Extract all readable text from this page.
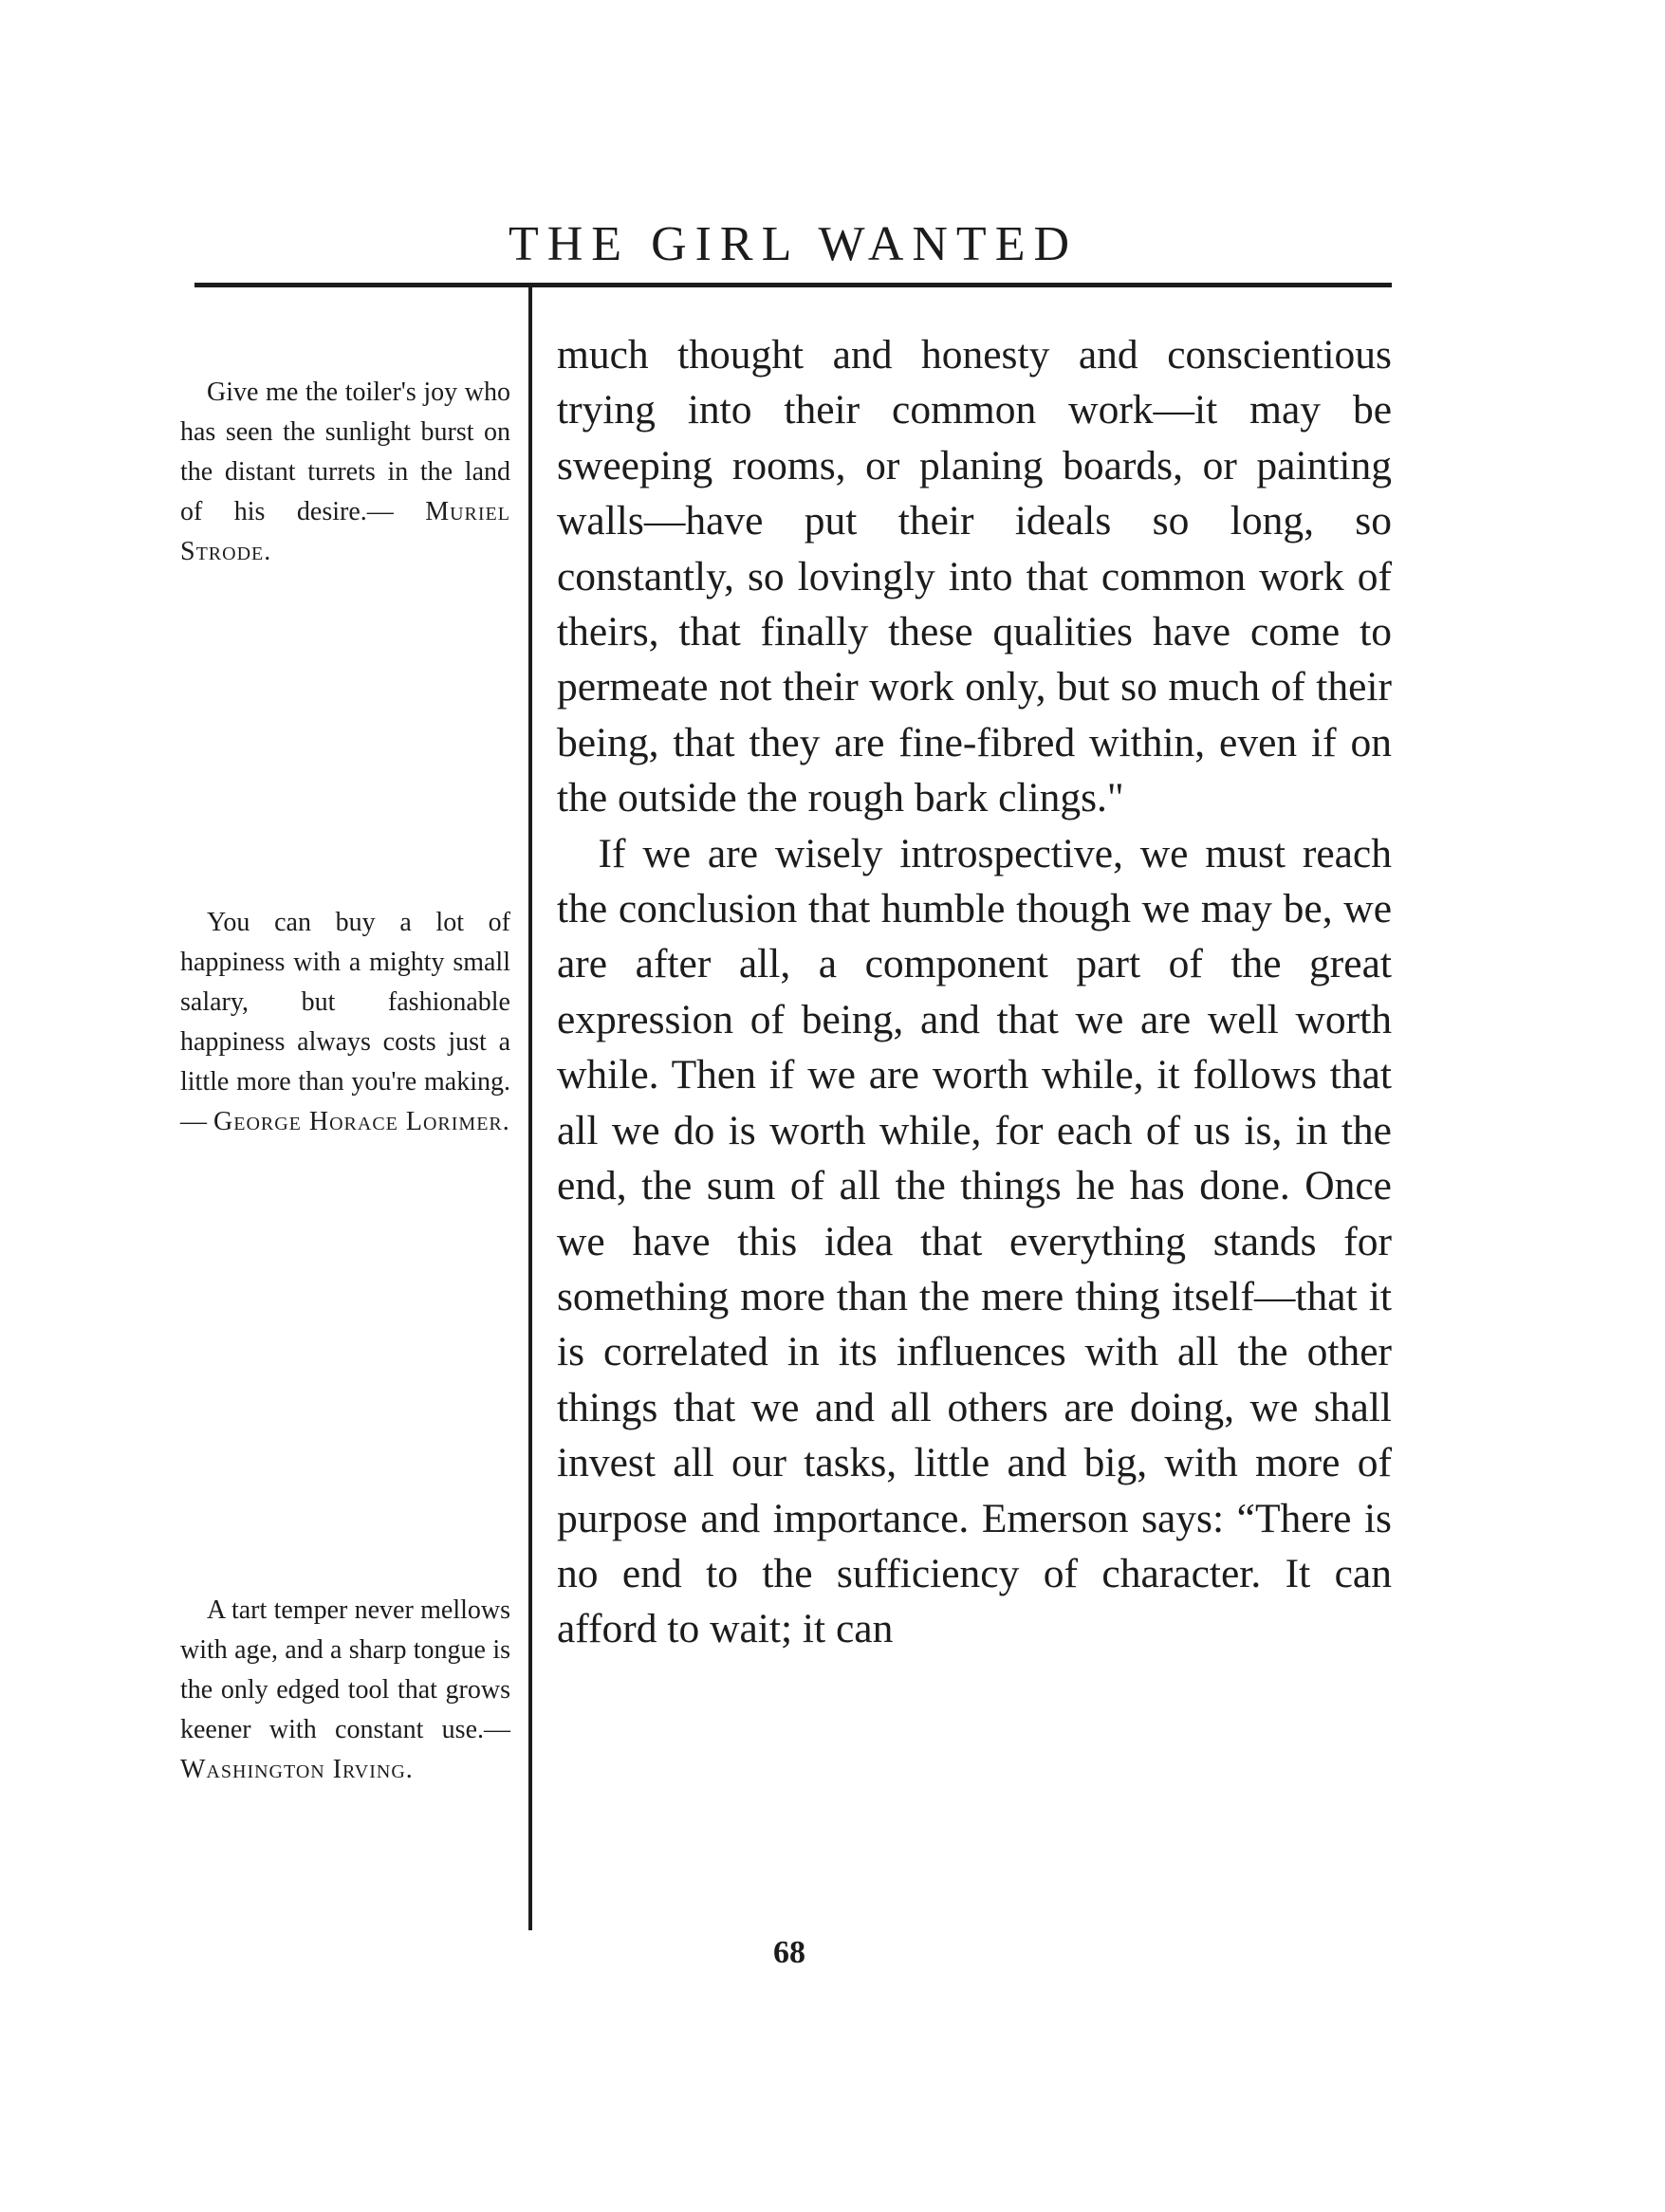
THE GIRL WANTED

Give me the toiler's joy who has seen the sunlight burst on the distant turrets in the land of his desire.— Muriel Strode.

You can buy a lot of happiness with a mighty small salary, but fashionable happiness always costs just a little more than you're making. — George Horace Lorimer.

A tart temper never mellows with age, and a sharp tongue is the only edged tool that grows keener with constant use.— Washington Irving.

much thought and honesty and conscientious trying into their common work—it may be sweeping rooms, or planing boards, or painting walls—have put their ideals so long, so constantly, so lovingly into that common work of theirs, that finally these qualities have come to permeate not their work only, but so much of their being, that they are fine-fibred within, even if on the outside the rough bark clings."

If we are wisely introspective, we must reach the conclusion that humble though we may be, we are after all, a component part of the great expression of being, and that we are well worth while. Then if we are worth while, it follows that all we do is worth while, for each of us is, in the end, the sum of all the things he has done. Once we have this idea that everything stands for something more than the mere thing itself—that it is correlated in its influences with all the other things that we and all others are doing, we shall invest all our tasks, little and big, with more of purpose and importance. Emerson says: “There is no end to the sufficiency of character. It can afford to wait; it can

68
